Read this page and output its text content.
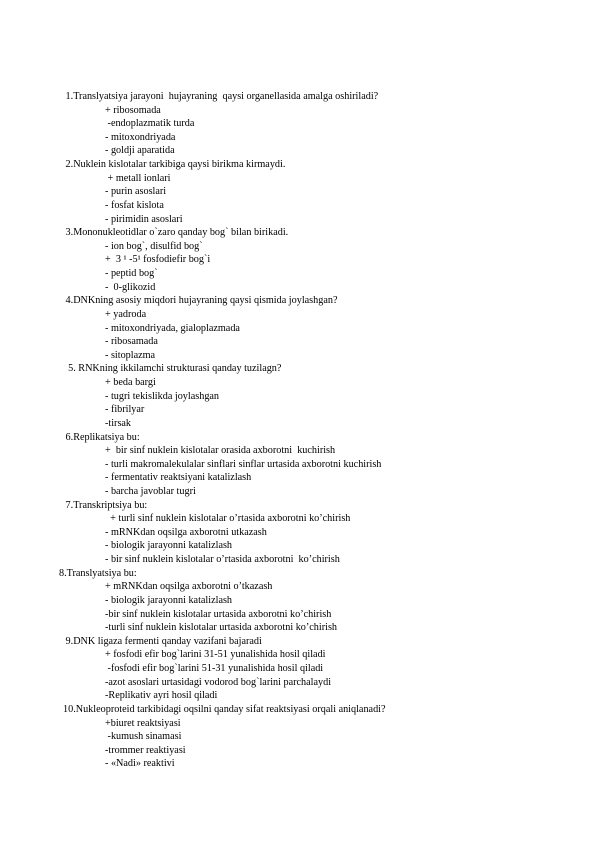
1.Translyatsiya jarayoni  hujayraning  qaysi organellasida amalga oshiriladi?
+ ribosomada
-endoplazmatik turda
- mitoxondriyada
- goldji aparatida
2.Nuklein kislotalar tarkibiga qaysi birikma kirmaydi.
+ metall ionlari
- purin asoslari
- fosfat kislota
- pirimidin asoslari
3.Mononukleotidlar o`zaro qanday bog` bilan birikadi.
- ion bog`, disulfid bog`
+  3 ¹ -5¹ fosfodiefir bog`i
- peptid bog`
-  0-glikozid
4.DNKning asosiy miqdori hujayraning qaysi qismida joylashgan?
+ yadroda
- mitoxondriyada, gialoplazmada
- ribosamada
- sitoplazma
5. RNKning ikkilamchi strukturasi qanday tuzilagn?
+ beda bargi
- tugri tekislikda joylashgan
- fibrilyar
-tirsak
6.Replikatsiya bu:
+  bir sinf nuklein kislotalar orasida axborotni  kuchirish
- turli makromalekulalar sinflari sinflar urtasida axborotni kuchirish
- fermentativ reaktsiyani katalizlash
- barcha javoblar tugri
7.Transkriptsiya bu:
+ turli sinf nuklein kislotalar o’rtasida axborotni ko’chirish
- mRNKdan oqsilga axborotni utkazash
- biologik jarayonni katalizlash
- bir sinf nuklein kislotalar o’rtasida axborotni  ko’chirish
8.Translyatsiya bu:
+ mRNKdan oqsilga axborotni o’tkazash
- biologik jarayonni katalizlash
-bir sinf nuklein kislotalar urtasida axborotni ko’chirish
-turli sinf nuklein kislotalar urtasida axborotni ko’chirish
9.DNK ligaza fermenti qanday vazifani bajaradi
+ fosfodi efir bog`larini 31-51 yunalishida hosil qiladi
-fosfodi efir bog`larini 51-31 yunalishida hosil qiladi
-azot asoslari urtasidagi vodorod bog`larini parchalaydi
-Replikativ ayri hosil qiladi
10.Nukleoproteid tarkibidagi oqsilni qanday sifat reaktsiyasi orqali aniqlanadi?
+biuret reaktsiyasi
-kumush sinamasi
-trommer reaktiyasi
- «Nadi» reaktivi
